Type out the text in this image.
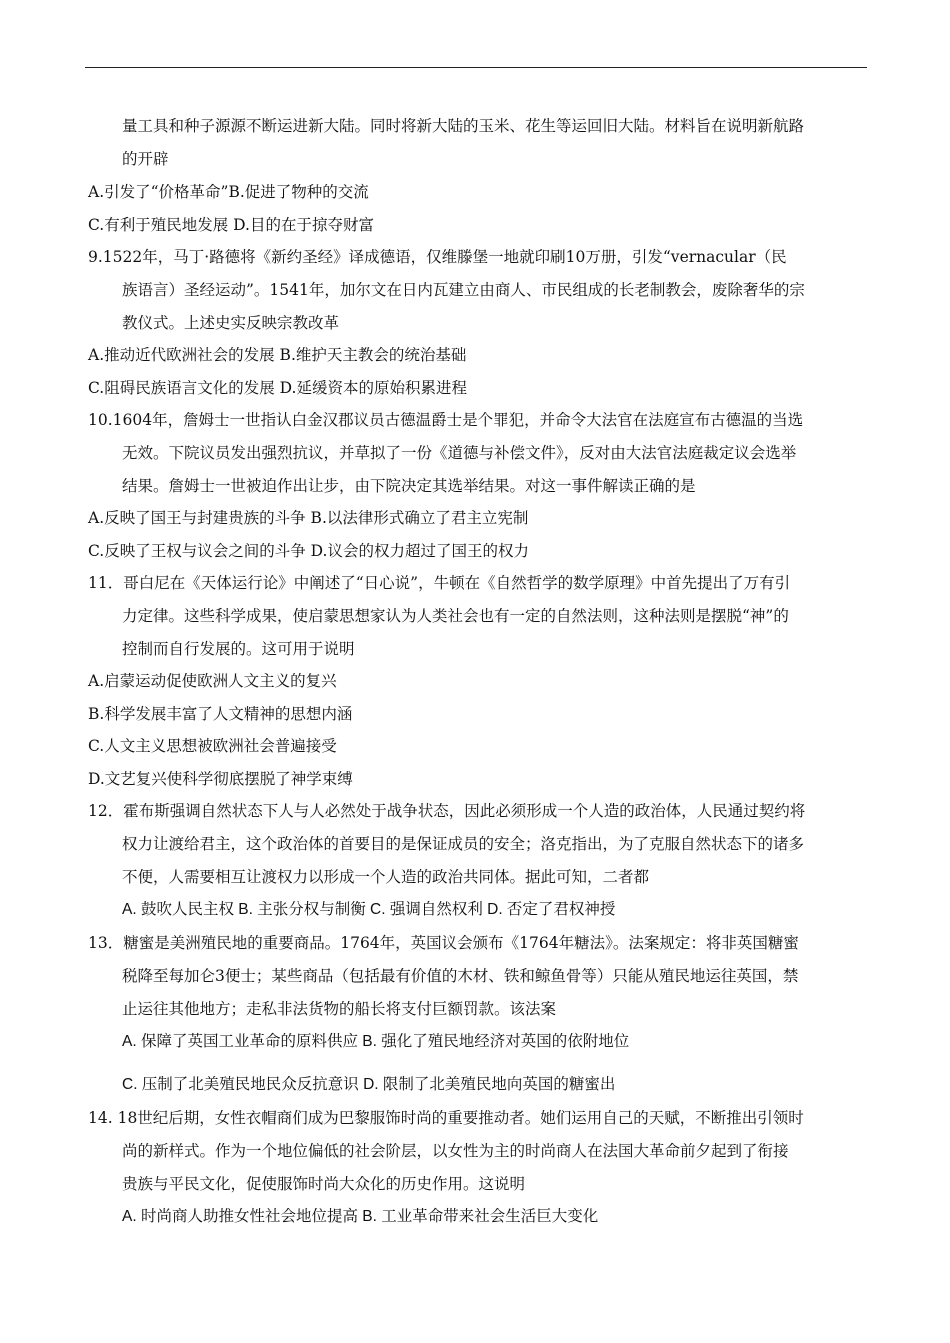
量工具和种子源源不断运进新大陆。同时将新大陆的玉米、花生等运回旧大陆。材料旨在说明新航路
的开辟
A.引发了“价格革命”B.促进了物种的交流
C.有利于殖民地发展 D.目的在于掠夺财富
9.1522年，马丁·路德将《新约圣经》译成德语，仅维滕堡一地就印刷10万册，引发“vernacular（民
族语言）圣经运动”。1541年，加尔文在日内瓦建立由商人、市民组成的长老制教会，废除奢华的宗
教仪式。上述史实反映宗教改革
A.推动近代欧洲社会的发展 B.维护天主教会的统治基础
C.阻碍民族语言文化的发展 D.延缓资本的原始积累进程
10.1604年，詹姆士一世指认白金汉郡议员古德温爵士是个罪犯，并命令大法官在法庭宣布古德温的当选
无效。下院议员发出强烈抗议，并草拟了一份《道德与补偿文件》，反对由大法官法庭裁定议会选举
结果。詹姆士一世被迫作出让步，由下院决定其选举结果。对这一事件解读正确的是
A.反映了国王与封建贵族的斗争 B.以法律形式确立了君主立宪制
C.反映了王权与议会之间的斗争 D.议会的权力超过了国王的权力
11．哥白尼在《天体运行论》中阐述了“日心说”，牛顿在《自然哲学的数学原理》中首先提出了万有引
力定律。这些科学成果，使启蒙思想家认为人类社会也有一定的自然法则，这种法则是摆脱“神”的
控制而自行发展的。这可用于说明
A.启蒙运动促使欧洲人文主义的复兴
B.科学发展丰富了人文精神的思想内涵
C.人文主义思想被欧洲社会普遍接受
D.文艺复兴使科学彻底摆脱了神学束缚
12．霍布斯强调自然状态下人与人必然处于战争状态，因此必须形成一个人造的政治体，人民通过契约将
权力让渡给君主，这个政治体的首要目的是保证成员的安全；洛克指出，为了克服自然状态下的诸多
不便，人需要相互让渡权力以形成一个人造的政治共同体。据此可知，二者都
A. 鼓吹人民主权 B. 主张分权与制衡 C. 强调自然权利 D. 否定了君权神授
13．糖蜜是美洲殖民地的重要商品。1764年，英国议会颁布《1764年糖法》。法案规定：将非英国糖蜜
税降至每加仑3便士；某些商品（包括最有价值的木材、铁和鲸鱼骨等）只能从殖民地运往英国，禁
止运往其他地方；走私非法货物的船长将支付巨额罚款。该法案
A. 保障了英国工业革命的原料供应 B. 强化了殖民地经济对英国的依附地位
C. 压制了北美殖民地民众反抗意识 D. 限制了北美殖民地向英国的糖蜜出
14. 18世纪后期，女性衣帽商们成为巴黎服饰时尚的重要推动者。她们运用自己的天赋，不断推出引领时
尚的新样式。作为一个地位偏低的社会阶层，以女性为主的时尚商人在法国大革命前夕起到了衔接
贵族与平民文化，促使服饰时尚大众化的历史作用。这说明
A. 时尚商人助推女性社会地位提高 B. 工业革命带来社会生活巨大变化
